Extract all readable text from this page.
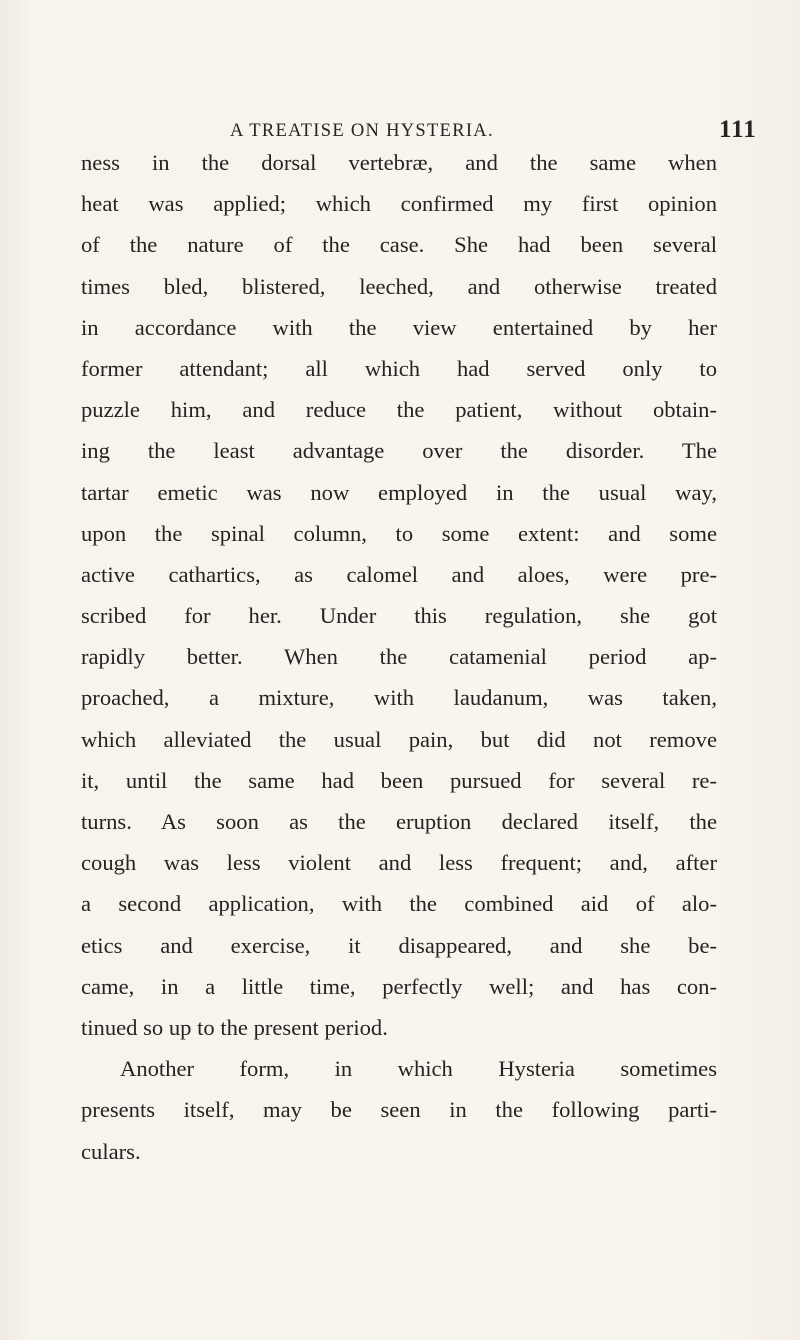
A TREATISE ON HYSTERIA.	111
ness in the dorsal vertebræ, and the same when
heat was applied; which confirmed my first opinion
of the nature of the case. She had been several
times bled, blistered, leeched, and otherwise treated
in accordance with the view entertained by her
former attendant; all which had served only to
puzzle him, and reduce the patient, without obtain-
ing the least advantage over the disorder. The
tartar emetic was now employed in the usual way,
upon the spinal column, to some extent: and some
active cathartics, as calomel and aloes, were pre-
scribed for her. Under this regulation, she got
rapidly better. When the catamenial period ap-
proached, a mixture, with laudanum, was taken,
which alleviated the usual pain, but did not remove
it, until the same had been pursued for several re-
turns. As soon as the eruption declared itself, the
cough was less violent and less frequent; and, after
a second application, with the combined aid of alo-
etics and exercise, it disappeared, and she be-
came, in a little time, perfectly well; and has con-
tinued so up to the present period.
Another form, in which Hysteria sometimes
presents itself, may be seen in the following parti-
culars.
